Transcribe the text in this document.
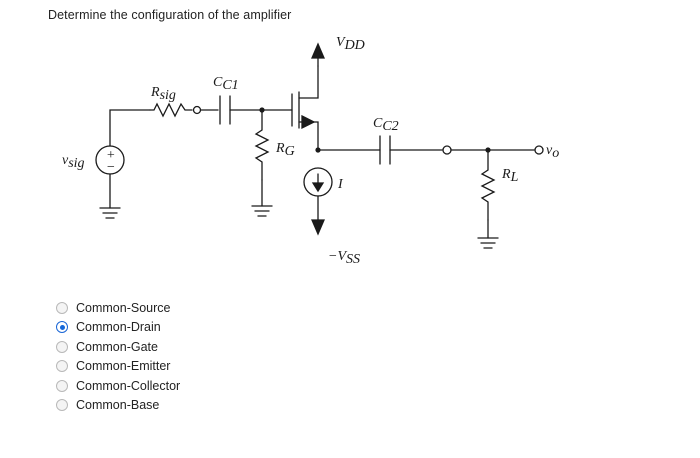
Determine the configuration of the amplifier
VDD
−VSS
vsig
+
−
Rsig
CC1
CC2
RG
RL
vo
I
Common-Source
Common-Drain
Common-Gate
Common-Emitter
Common-Collector
Common-Base
